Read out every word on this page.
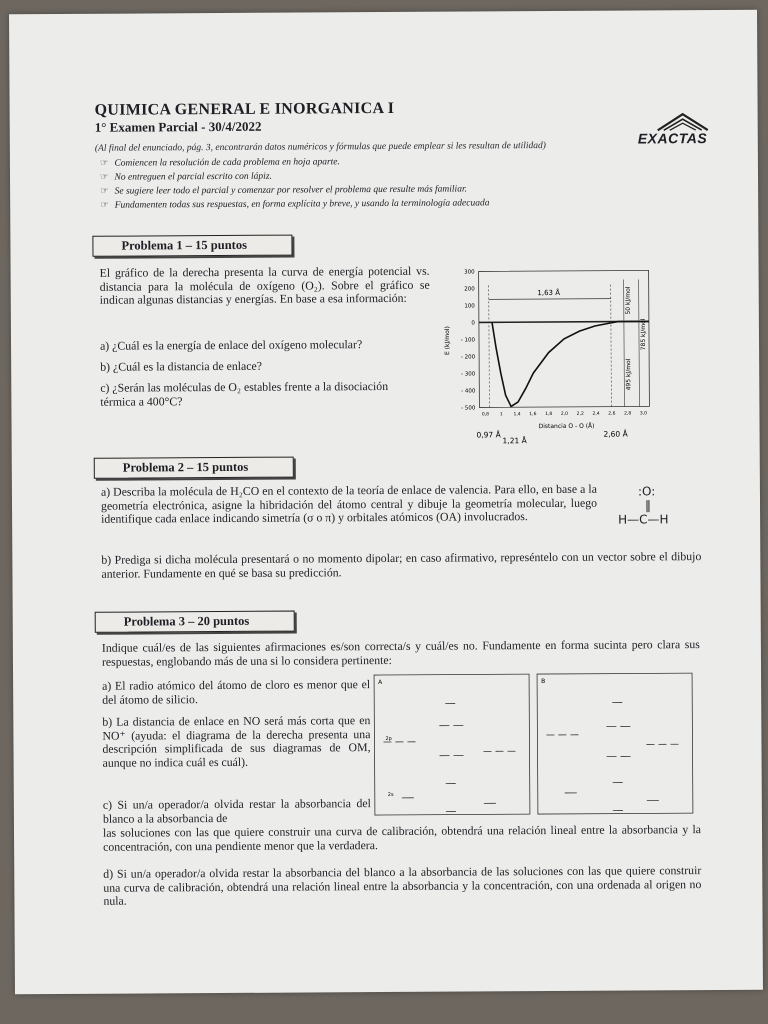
QUIMICA GENERAL E INORGANICA I
1° Examen Parcial - 30/4/2022
EXACTAS
(Al final del enunciado, pág. 3, encontrarán datos numéricos y fórmulas que puede emplear si les resultan de utilidad)
☞ Comiencen la resolución de cada problema en hoja aparte.
☞ No entreguen el parcial escrito con lápiz.
☞ Se sugiere leer todo el parcial y comenzar por resolver el problema que resulte más familiar.
☞ Fundamenten todas sus respuestas, en forma explícita y breve, y usando la terminología adecuada
Problema 1 – 15 puntos
El gráfico de la derecha presenta la curva de energía potencial vs. distancia para la molécula de oxígeno (O₂). Sobre el gráfico se indican algunas distancias y energías. En base a esa información:
a) ¿Cuál es la energía de enlace del oxígeno molecular?
b) ¿Cuál es la distancia de enlace?
c) ¿Serán las moléculas de O₂ estables frente a la disociación térmica a 400°C?
300
200
100
0
- 100
- 200
- 300
- 400
- 500
0,8 1 1,4 1,6 1,8 2,0 2,2 2,4 2,6 2,8 3,0
1,63 Å	50 kJ/mol
495 kJ/mol
785 kJ/mol
Distancia O - O (Å)
E (kJ/mol)
0,97 Å
1,21 Å
2,60 Å
Problema 2 – 15 puntos
a) Describa la molécula de H₂CO en el contexto de la teoría de enlace de valencia. Para ello, en base a la geometría electrónica, asigne la hibridación del átomo central y dibuje la geometría molecular, luego identifique cada enlace indicando simetría (σ o π) y orbitales atómicos (OA) involucrados.
:O:
‖
H—C—H
b) Prediga si dicha molécula presentará o no momento dipolar; en caso afirmativo, represéntelo con un vector sobre el dibujo anterior. Fundamente en qué se basa su predicción.
Problema 3 – 20 puntos
Indique cuál/es de las siguientes afirmaciones es/son correcta/s y cuál/es no. Fundamente en forma sucinta pero clara sus respuestas, englobando más de una si lo considera pertinente:
a) El radio atómico del átomo de cloro es menor que el del átomo de silicio.
b) La distancia de enlace en NO será más corta que en NO⁺ (ayuda: el diagrama de la derecha presenta una descripción simplificada de sus diagramas de OM, aunque no indica cuál es cuál).
c) Si un/a operador/a olvida restar la absorbancia del blanco a la absorbancia de
las soluciones con las que quiere construir una curva de calibración, obtendrá una relación lineal entre la absorbancia y la concentración, con una pendiente menor que la verdadera.
d) Si un/a operador/a olvida restar la absorbancia del blanco a la absorbancia de las soluciones con las que quiere construir una curva de calibración, obtendrá una relación lineal entre la absorbancia y la concentración, con una ordenada al origen no nula.
A	B
2p
2s
